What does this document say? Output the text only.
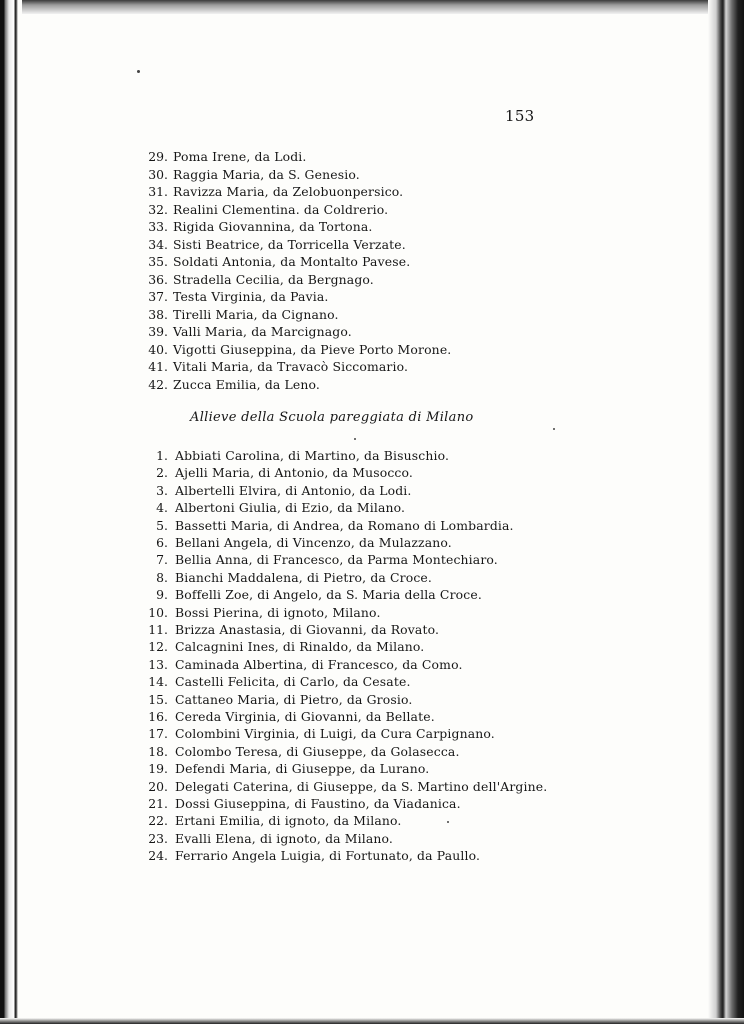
153
29. Poma Irene, da Lodi.
30. Raggia Maria, da S. Genesio.
31. Ravizza Maria, da Zelobuonpersico.
32. Realini Clementina. da Coldrerio.
33. Rigida Giovannina, da Tortona.
34. Sisti Beatrice, da Torricella Verzate.
35. Soldati Antonia, da Montalto Pavese.
36. Stradella Cecilia, da Bergnago.
37. Testa Virginia, da Pavia.
38. Tirelli Maria, da Cignano.
39. Valli Maria, da Marcignago.
40. Vigotti Giuseppina, da Pieve Porto Morone.
41. Vitali Maria, da Travacò Siccomario.
42. Zucca Emilia, da Leno.
Allieve della Scuola pareggiata di Milano
1. Abbiati Carolina, di Martino, da Bisuschio.
2. Ajelli Maria, di Antonio, da Musocco.
3. Albertelli Elvira, di Antonio, da Lodi.
4. Albertoni Giulia, di Ezio, da Milano.
5. Bassetti Maria, di Andrea, da Romano di Lombardia.
6. Bellani Angela, di Vincenzo, da Mulazzano.
7. Bellia Anna, di Francesco, da Parma Montechiaro.
8. Bianchi Maddalena, di Pietro, da Croce.
9. Boffelli Zoe, di Angelo, da S. Maria della Croce.
10. Bossi Pierina, di ignoto, Milano.
11. Brizza Anastasia, di Giovanni, da Rovato.
12. Calcagnini Ines, di Rinaldo, da Milano.
13. Caminada Albertina, di Francesco, da Como.
14. Castelli Felicita, di Carlo, da Cesate.
15. Cattaneo Maria, di Pietro, da Grosio.
16. Cereda Virginia, di Giovanni, da Bellate.
17. Colombini Virginia, di Luigi, da Cura Carpignano.
18. Colombo Teresa, di Giuseppe, da Golasecca.
19. Defendi Maria, di Giuseppe, da Lurano.
20. Delegati Caterina, di Giuseppe, da S. Martino dell'Argine.
21. Dossi Giuseppina, di Faustino, da Viadanica.
22. Ertani Emilia, di ignoto, da Milano.
23. Evalli Elena, di ignoto, da Milano.
24. Ferrario Angela Luigia, di Fortunato, da Paullo.
